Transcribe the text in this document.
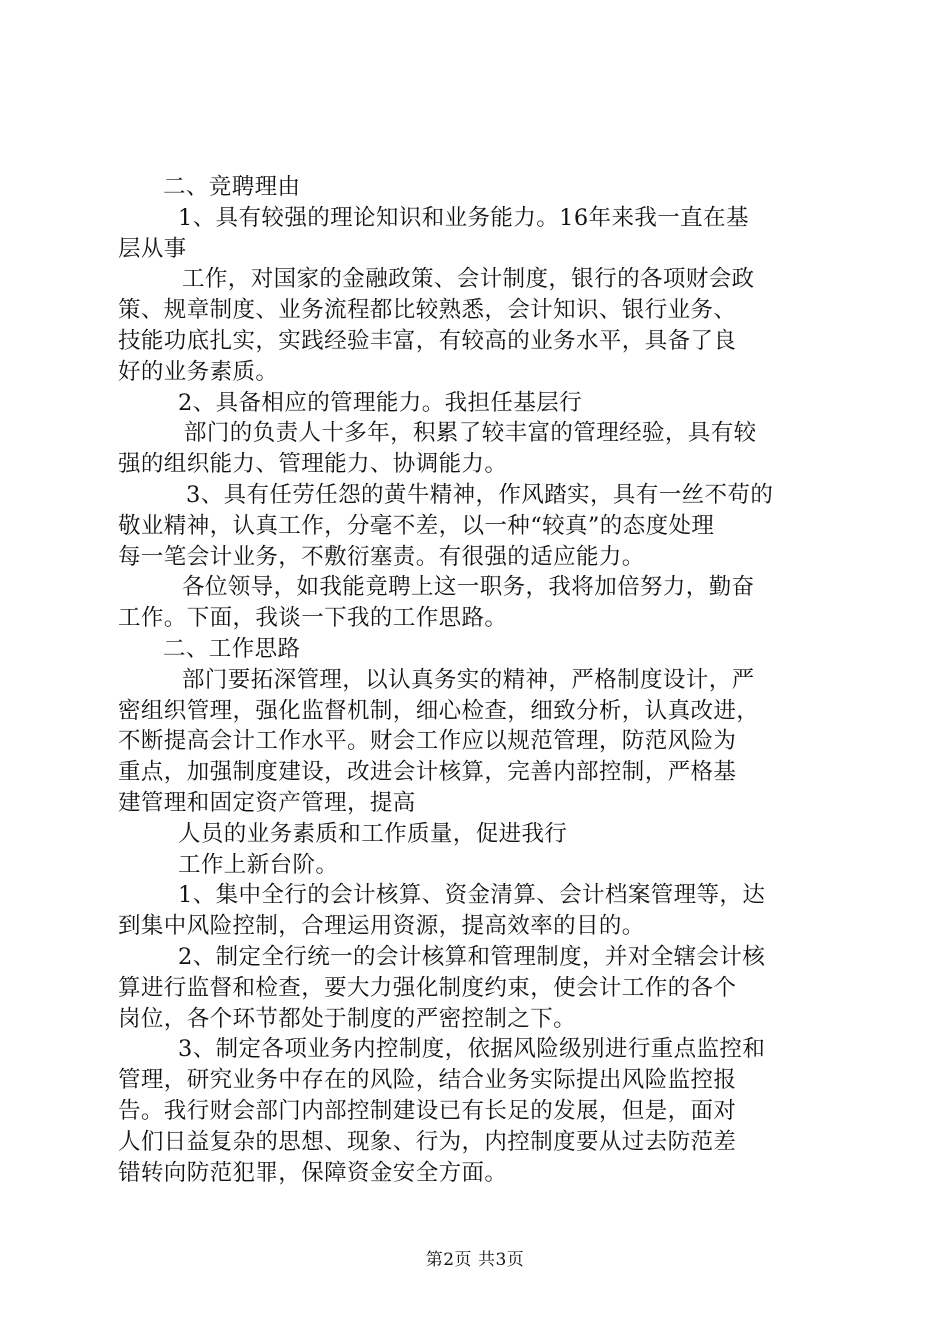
二、竞聘理由
1、具有较强的理论知识和业务能力。16年来我一直在基
层从事
工作，对国家的金融政策、会计制度，银行的各项财会政
策、规章制度、业务流程都比较熟悉，会计知识、银行业务、
技能功底扎实，实践经验丰富，有较高的业务水平，具备了良
好的业务素质。
2、具备相应的管理能力。我担任基层行
部门的负责人十多年，积累了较丰富的管理经验，具有较
强的组织能力、管理能力、协调能力。
3、具有任劳任怨的黄牛精神，作风踏实，具有一丝不苟的
敬业精神，认真工作，分毫不差，以一种“较真”的态度处理
每一笔会计业务，不敷衍塞责。有很强的适应能力。
各位领导，如我能竟聘上这一职务，我将加倍努力，勤奋
工作。下面，我谈一下我的工作思路。
二、工作思路
部门要拓深管理，以认真务实的精神，严格制度设计，严
密组织管理，强化监督机制，细心检查，细致分析，认真改进，
不断提高会计工作水平。财会工作应以规范管理，防范风险为
重点，加强制度建设，改进会计核算，完善内部控制，严格基
建管理和固定资产管理，提高
人员的业务素质和工作质量，促进我行
工作上新台阶。
1、集中全行的会计核算、资金清算、会计档案管理等，达
到集中风险控制，合理运用资源，提高效率的目的。
2、制定全行统一的会计核算和管理制度，并对全辖会计核
算进行监督和检查，要大力强化制度约束，使会计工作的各个
岗位，各个环节都处于制度的严密控制之下。
3、制定各项业务内控制度，依据风险级别进行重点监控和
管理，研究业务中存在的风险，结合业务实际提出风险监控报
告。我行财会部门内部控制建设已有长足的发展，但是，面对
人们日益复杂的思想、现象、行为，内控制度要从过去防范差
错转向防范犯罪，保障资金安全方面。
第2页 共3页
